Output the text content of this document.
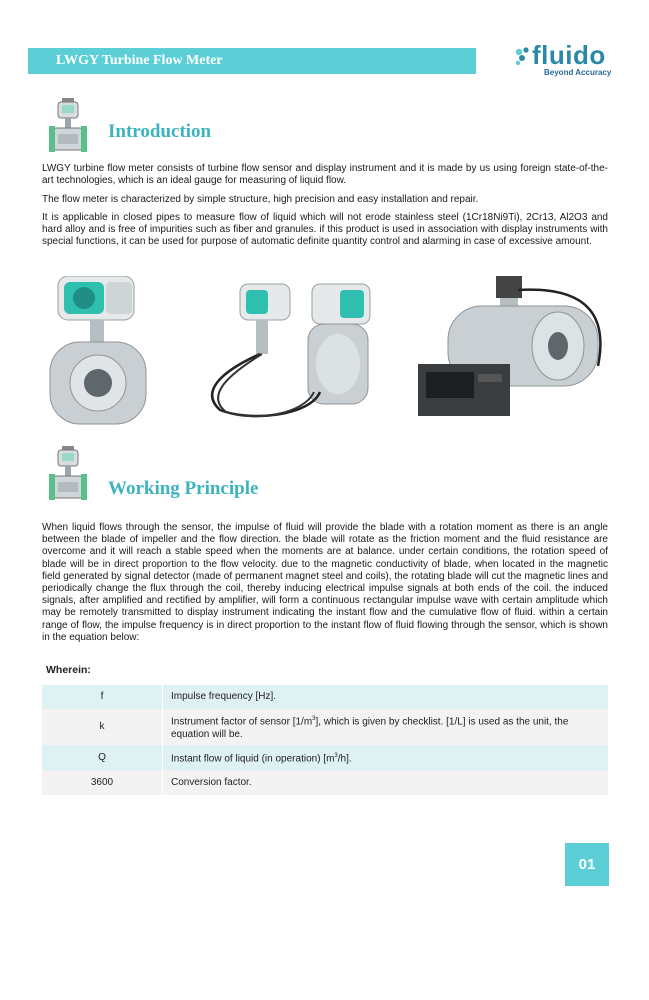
LWGY Turbine Flow Meter	fluido
Beyond Accuracy
Introduction

LWGY turbine flow meter consists of turbine flow sensor and display instrument and it is made by us using foreign state-of-the-art technologies, which is an ideal gauge for measuring of liquid flow.

The flow meter is characterized by simple structure, high precision and easy installation and repair.

It is applicable in closed pipes to measure flow of liquid which will not erode stainless steel (1Cr18Ni9Ti), 2Cr13, Al2O3 and hard alloy and is free of impurities such as fiber and granules. if this product is used in association with display instruments with special functions, it can be used for purpose of automatic definite quantity control and alarming in case of excessive amount.

Working Principle

When liquid flows through the sensor, the impulse of fluid will provide the blade with a rotation moment as there is an angle between the blade of impeller and the flow direction. the blade will rotate as the friction moment and the fluid resistance are overcome and it will reach a stable speed when the moments are at balance. under certain conditions, the rotation speed of blade will be in direct proportion to the flow velocity. due to the magnetic conductivity of blade, when located in the magnetic field generated by signal detector (made of permanent magnet steel and coils), the rotating blade will cut the magnetic lines and periodically change the flux through the coil, thereby inducing electrical impulse signals at both ends of the coil. the induced signals, after amplified and rectified by amplifier, will form a continuous rectangular impulse wave with certain amplitude which may be remotely transmitted to display instrument indicating the instant flow and the cumulative flow of fluid. within a certain range of flow, the impulse frequency is in direct proportion to the instant flow of fluid flowing through the sensor, which is shown in the equation below:

Wherein:
f	Impulse frequency [Hz].
k	Instrument factor of sensor $[1/m^3]$, which is given by checklist. [1/L] is used as the unit, the equation will be.
Q	Instant flow of liquid (in operation) $[m^3/h]$.
3600	Conversion factor.
01
